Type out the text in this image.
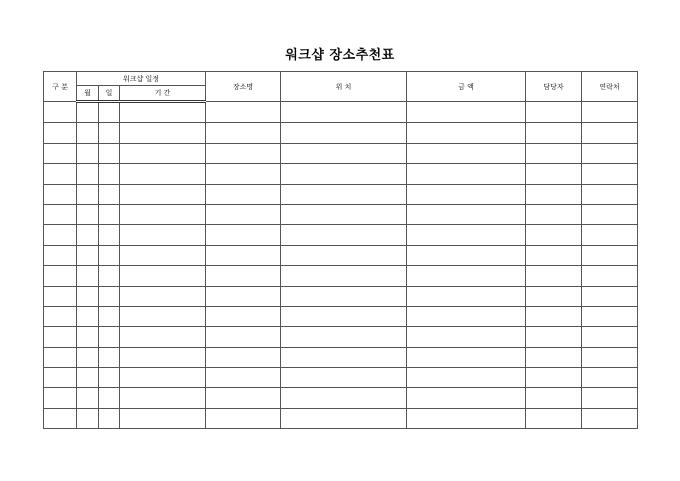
워크샵 장소추천표
구 분	워크샵 일정			장소명	위 치	금 액	담당자	연락처
	월	일	기 간					
